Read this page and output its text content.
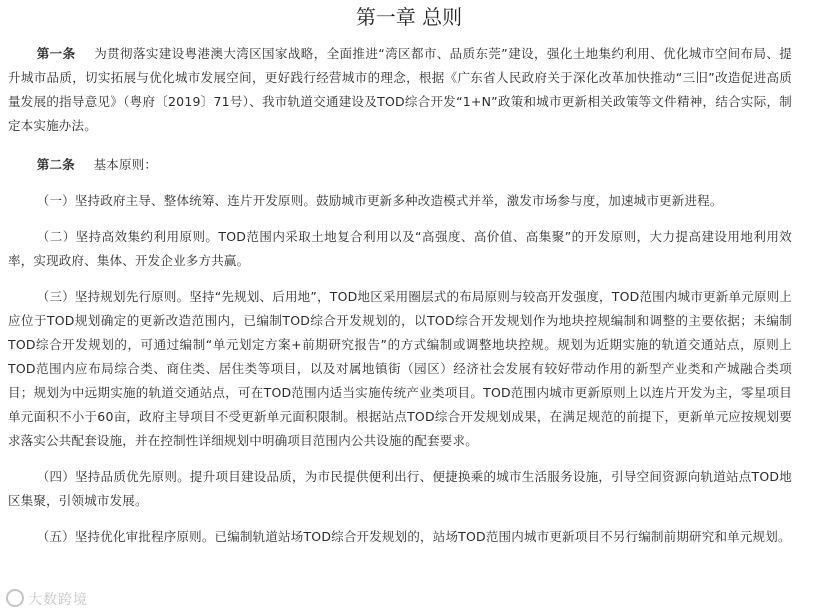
第一章 总则

第一条 为贯彻落实建设粤港澳大湾区国家战略，全面推进“湾区都市、品质东莞”建设，强化土地集约利用、优化城市空间布局、提升城市品质，切实拓展与优化城市发展空间，更好践行经营城市的理念，根据《广东省人民政府关于深化改革加快推动“三旧”改造促进高质量发展的指导意见》（粤府〔2019〕71号）、我市轨道交通建设及TOD综合开发“1+N”政策和城市更新相关政策等文件精神，结合实际，制定本实施办法。

第二条 基本原则：

（一）坚持政府主导、整体统筹、连片开发原则。鼓励城市更新多种改造模式并举，激发市场参与度，加速城市更新进程。

（二）坚持高效集约利用原则。TOD范围内采取土地复合利用以及“高强度、高价值、高集聚”的开发原则，大力提高建设用地利用效率，实现政府、集体、开发企业多方共赢。

（三）坚持规划先行原则。坚持“先规划、后用地”，TOD地区采用圈层式的布局原则与较高开发强度，TOD范围内城市更新单元原则上应位于TOD规划确定的更新改造范围内，已编制TOD综合开发规划的，以TOD综合开发规划作为地块控规编制和调整的主要依据；未编制TOD综合开发规划的，可通过编制“单元划定方案+前期研究报告”的方式编制或调整地块控规。规划为近期实施的轨道交通站点，原则上TOD范围内应布局综合类、商住类、居住类等项目，以及对属地镇街（园区）经济社会发展有较好带动作用的新型产业类和产城融合类项目；规划为中远期实施的轨道交通站点，可在TOD范围内适当实施传统产业类项目。TOD范围内城市更新原则上以连片开发为主，零星项目单元面积不小于60亩，政府主导项目不受更新单元面积限制。根据站点TOD综合开发规划成果，在满足规范的前提下，更新单元应按规划要求落实公共配套设施，并在控制性详细规划中明确项目范围内公共设施的配套要求。

（四）坚持品质优先原则。提升项目建设品质，为市民提供便利出行、便捷换乘的城市生活服务设施，引导空间资源向轨道站点TOD地区集聚，引领城市发展。

（五）坚持优化审批程序原则。已编制轨道站场TOD综合开发规划的，站场TOD范围内城市更新项目不另行编制前期研究和单元规划。

大数跨境
